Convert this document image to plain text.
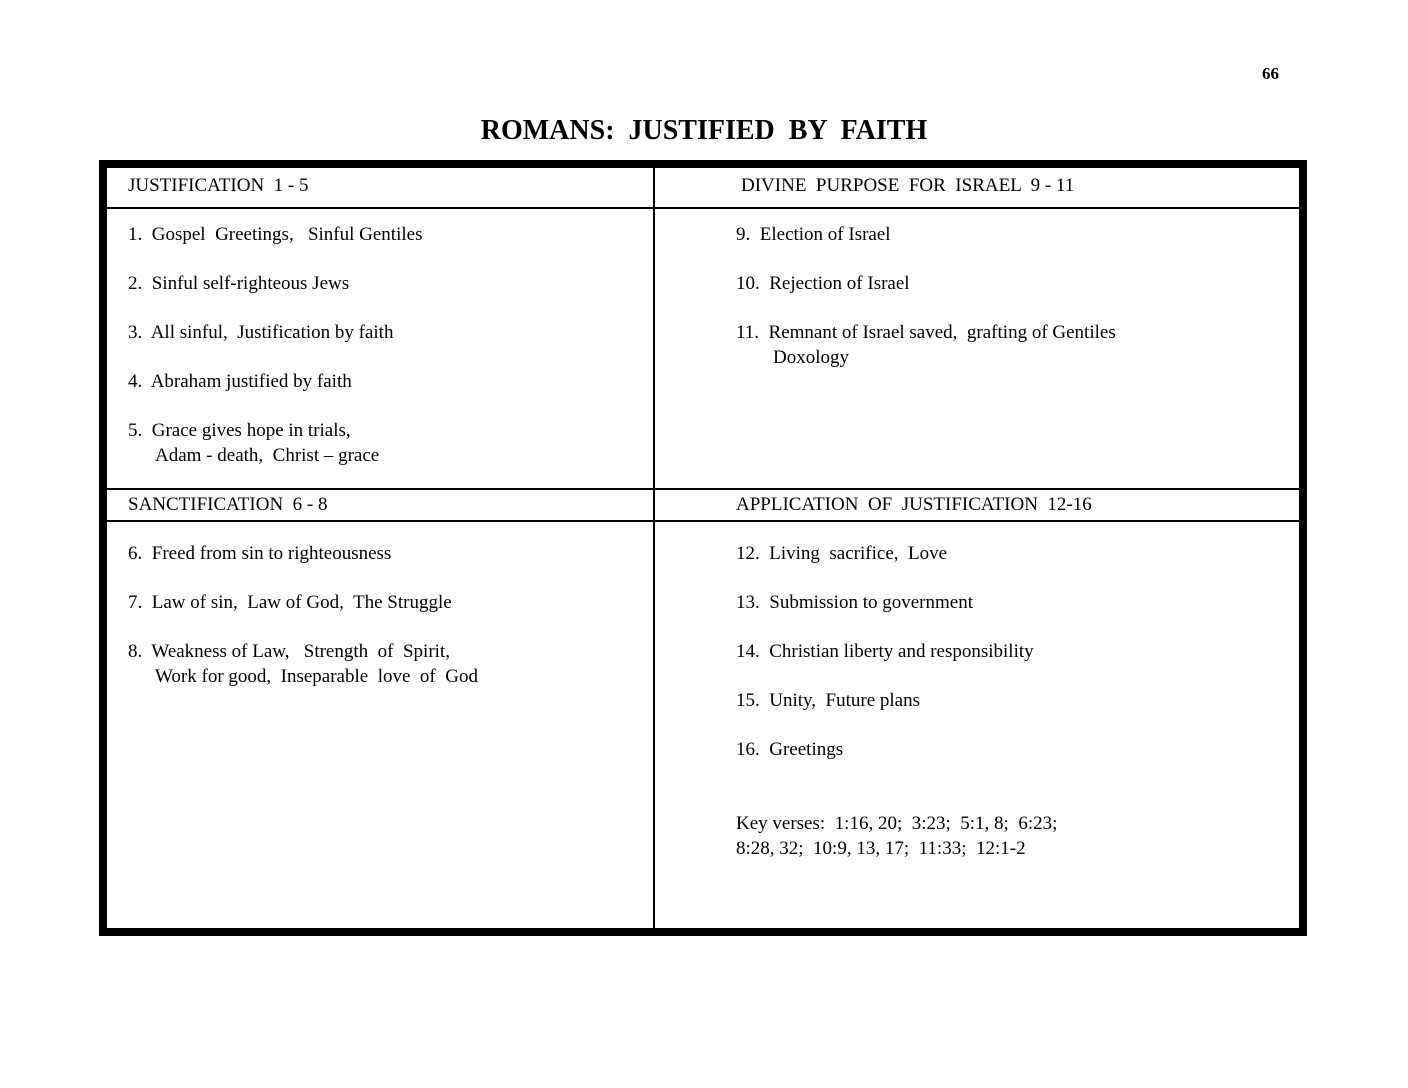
66
ROMANS:  JUSTIFIED  BY  FAITH
JUSTIFICATION  1 - 5	DIVINE  PURPOSE  FOR  ISRAEL  9 - 11
SANCTIFICATION  6 - 8	APPLICATION  OF  JUSTIFICATION  12-16
1.  Gospel  Greetings,   Sinful Gentiles
2.  Sinful self-righteous Jews
3.  All sinful,  Justification by faith
4.  Abraham justified by faith
5.  Grace gives hope in trials,
Adam - death,  Christ – grace
9.  Election of Israel
10.  Rejection of Israel
11.  Remnant of Israel saved,  grafting of Gentiles
Doxology
6.  Freed from sin to righteousness
7.  Law of sin,  Law of God,  The Struggle
8.  Weakness of Law,   Strength  of  Spirit,
Work for good,  Inseparable  love  of  God
12.  Living  sacrifice,  Love
13.  Submission to government
14.  Christian liberty and responsibility
15.  Unity,  Future plans
16.  Greetings
Key verses:  1:16, 20;  3:23;  5:1, 8;  6:23;
8:28, 32;  10:9, 13, 17;  11:33;  12:1-2
